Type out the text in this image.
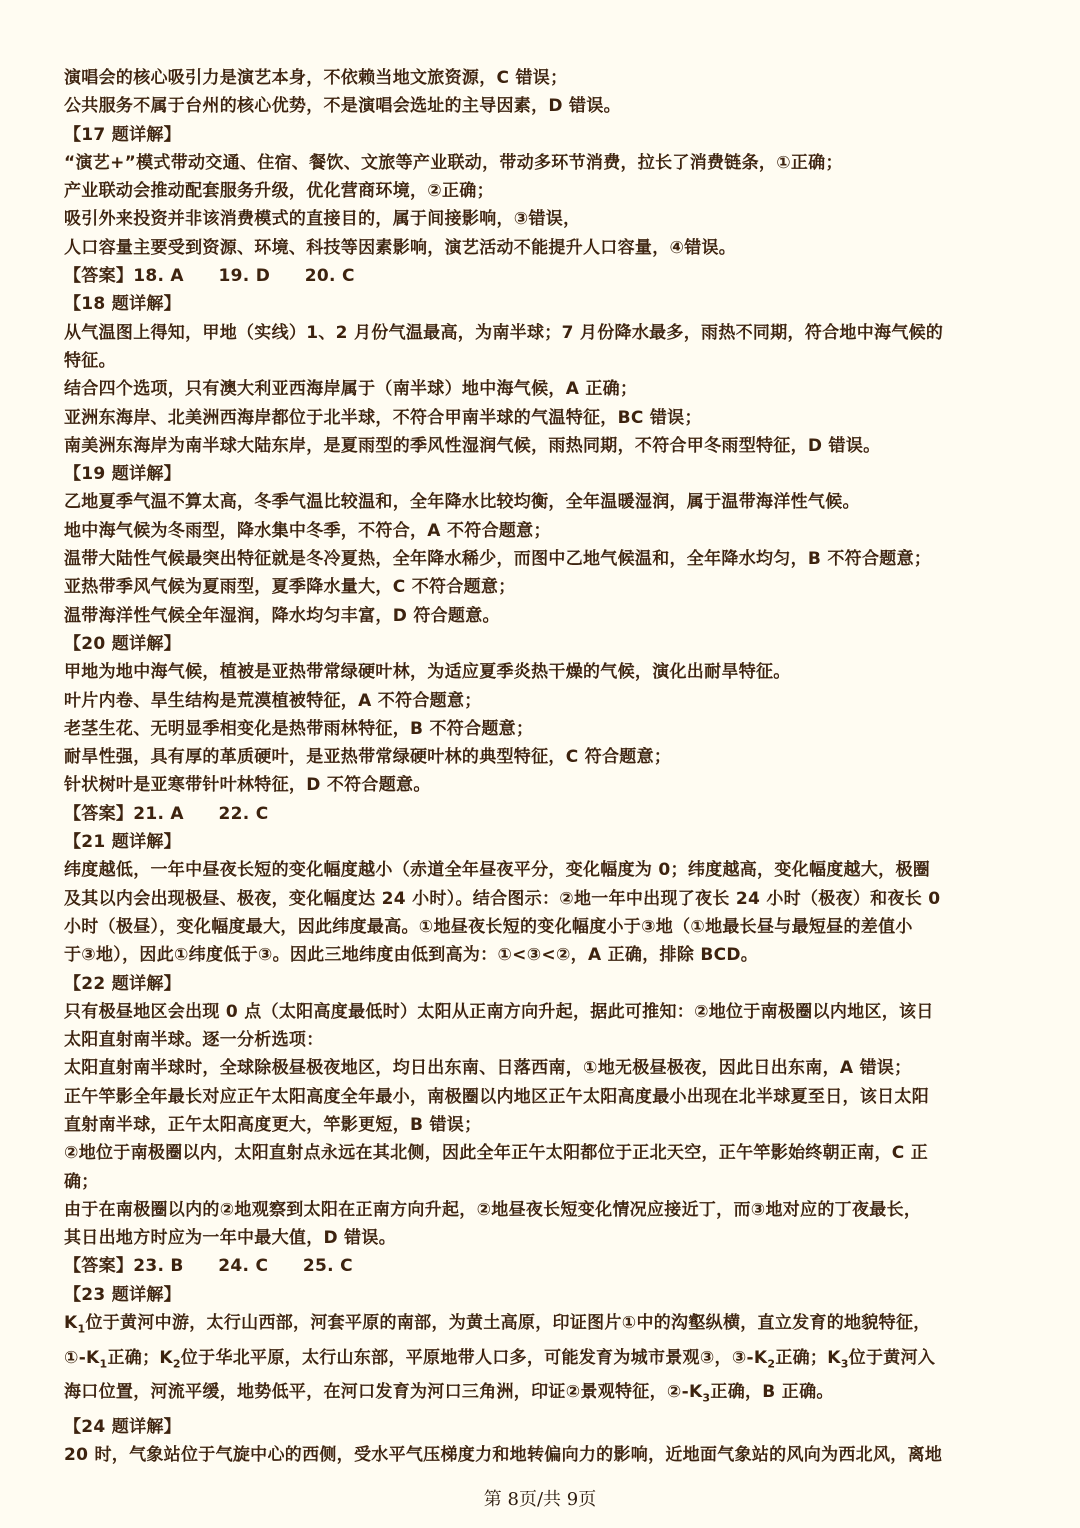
演唱会的核心吸引力是演艺本身，不依赖当地文旅资源，C 错误；
公共服务不属于台州的核心优势，不是演唱会选址的主导因素，D 错误。
【17 题详解】
“演艺+”模式带动交通、住宿、餐饮、文旅等产业联动，带动多环节消费，拉长了消费链条，①正确；
产业联动会推动配套服务升级，优化营商环境，②正确；
吸引外来投资并非该消费模式的直接目的，属于间接影响，③错误，
人口容量主要受到资源、环境、科技等因素影响，演艺活动不能提升人口容量，④错误。
【答案】18. A　　19. D　　20. C
【18 题详解】
从气温图上得知，甲地（实线）1、2 月份气温最高，为南半球；7 月份降水最多，雨热不同期，符合地中海气候的
特征。
结合四个选项，只有澳大利亚西海岸属于（南半球）地中海气候，A 正确；
亚洲东海岸、北美洲西海岸都位于北半球，不符合甲南半球的气温特征，BC 错误；
南美洲东海岸为南半球大陆东岸，是夏雨型的季风性湿润气候，雨热同期，不符合甲冬雨型特征，D 错误。
【19 题详解】
乙地夏季气温不算太高，冬季气温比较温和，全年降水比较均衡，全年温暖湿润，属于温带海洋性气候。
地中海气候为冬雨型，降水集中冬季，不符合，A 不符合题意；
温带大陆性气候最突出特征就是冬冷夏热，全年降水稀少，而图中乙地气候温和，全年降水均匀，B 不符合题意；
亚热带季风气候为夏雨型，夏季降水量大，C 不符合题意；
温带海洋性气候全年湿润，降水均匀丰富，D 符合题意。
【20 题详解】
甲地为地中海气候，植被是亚热带常绿硬叶林，为适应夏季炎热干燥的气候，演化出耐旱特征。
叶片内卷、旱生结构是荒漠植被特征，A 不符合题意；
老茎生花、无明显季相变化是热带雨林特征，B 不符合题意；
耐旱性强，具有厚的革质硬叶，是亚热带常绿硬叶林的典型特征，C 符合题意；
针状树叶是亚寒带针叶林特征，D 不符合题意。
【答案】21. A　　22. C
【21 题详解】
纬度越低，一年中昼夜长短的变化幅度越小（赤道全年昼夜平分，变化幅度为 0；纬度越高，变化幅度越大，极圈
及其以内会出现极昼、极夜，变化幅度达 24 小时）。结合图示：②地一年中出现了夜长 24 小时（极夜）和夜长 0
小时（极昼），变化幅度最大，因此纬度最高。①地昼夜长短的变化幅度小于③地（①地最长昼与最短昼的差值小
于③地），因此①纬度低于③。因此三地纬度由低到高为：①<③<②，A 正确，排除 BCD。
【22 题详解】
只有极昼地区会出现 0 点（太阳高度最低时）太阳从正南方向升起，据此可推知：②地位于南极圈以内地区，该日
太阳直射南半球。逐一分析选项：
太阳直射南半球时，全球除极昼极夜地区，均日出东南、日落西南，①地无极昼极夜，因此日出东南，A 错误；
正午竿影全年最长对应正午太阳高度全年最小，南极圈以内地区正午太阳高度最小出现在北半球夏至日，该日太阳
直射南半球，正午太阳高度更大，竿影更短，B 错误；
②地位于南极圈以内，太阳直射点永远在其北侧，因此全年正午太阳都位于正北天空，正午竿影始终朝正南，C 正
确；
由于在南极圈以内的②地观察到太阳在正南方向升起，②地昼夜长短变化情况应接近丁，而③地对应的丁夜最长，
其日出地方时应为一年中最大值，D 错误。
【答案】23. B　　24. C　　25. C
【23 题详解】
$K_1$位于黄河中游，太行山西部，河套平原的南部，为黄土高原，印证图片①中的沟壑纵横，直立发育的地貌特征，
$①-K_1$正确；$K_2$位于华北平原，太行山东部，平原地带人口多，可能发育为城市景观③，$③-K_2$正确；$K_3$位于黄河入
海口位置，河流平缓，地势低平，在河口发育为河口三角洲，印证②景观特征，$②-K_3$正确，B 正确。
【24 题详解】
20 时，气象站位于气旋中心的西侧，受水平气压梯度力和地转偏向力的影响，近地面气象站的风向为西北风，离地
第 8页/共 9页
